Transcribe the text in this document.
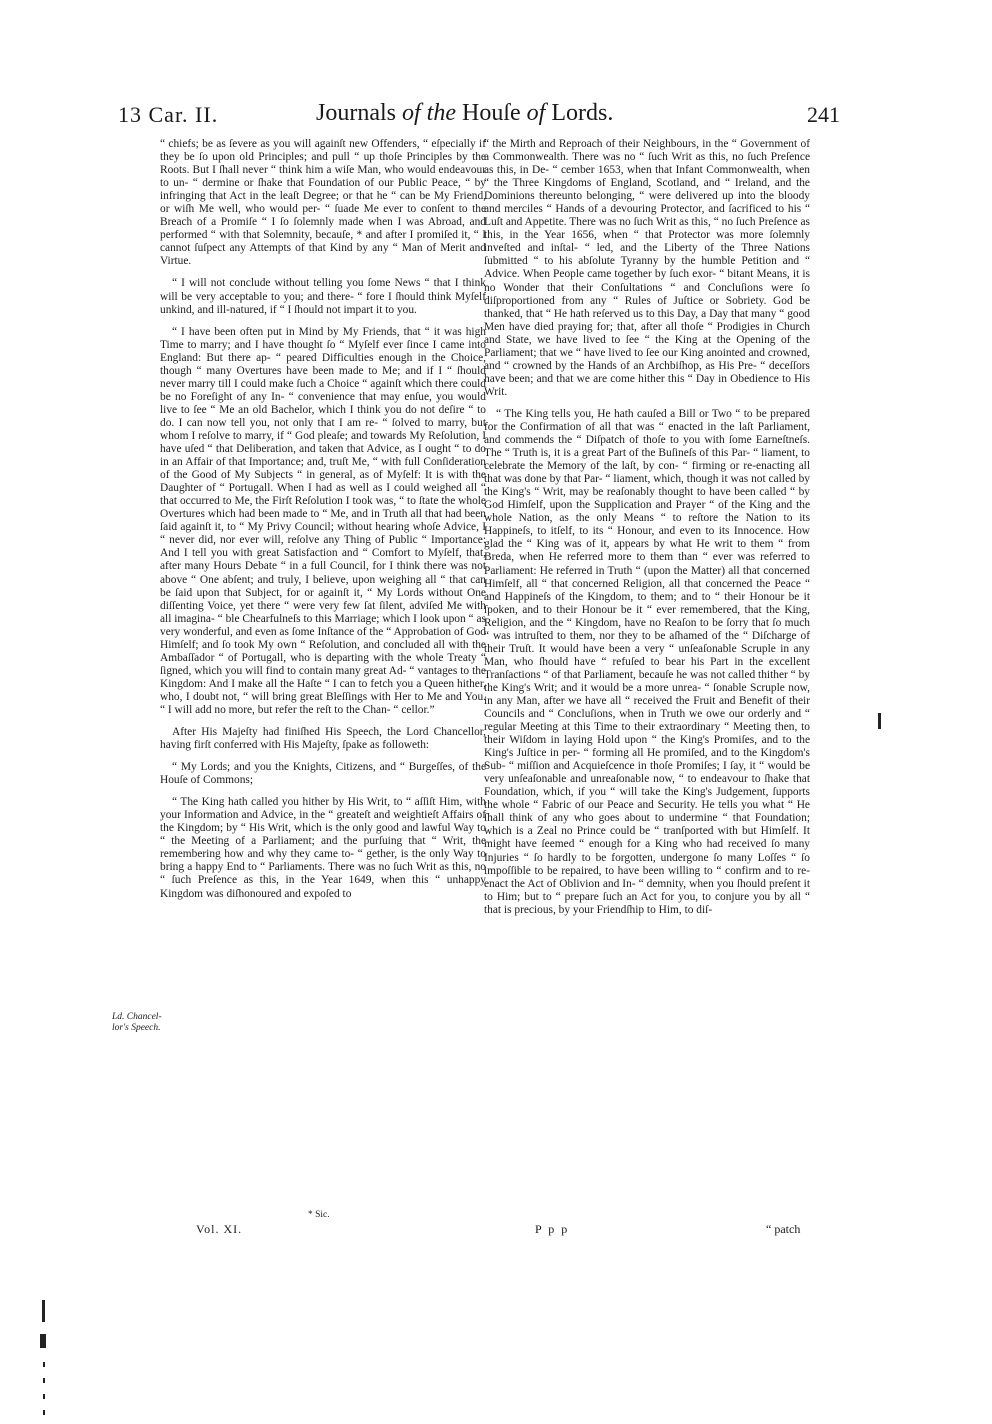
13 Car. II.	Journals of the Houſe of Lords.	241

“ chiefs; be as ſevere as you will againſt new Offenders, “ eſpecially if they be ſo upon old Principles; and pull “ up thoſe Principles by the Roots. But I ſhall never “ think him a wiſe Man, who would endeavour to un- “ dermine or ſhake that Foundation of our Public Peace, “ by infringing that Act in the leaſt Degree; or that he “ can be My Friend, or wiſh Me well, who would per- “ ſuade Me ever to conſent to the Breach of a Promiſe “ I ſo ſolemnly made when I was Abroad, and performed “ with that Solemnity, becauſe, * and after I promiſed it, “ I cannot ſuſpect any Attempts of that Kind by any “ Man of Merit and Virtue.

“ I will not conclude without telling you ſome News “ that I think will be very acceptable to you; and there- “ fore I ſhould think Myſelf unkind, and ill-natured, if “ I ſhould not impart it to you.

“ I have been often put in Mind by My Friends, that “ it was high Time to marry; and I have thought ſo “ Myſelf ever ſince I came into England: But there ap- “ peared Difficulties enough in the Choice, though “ many Overtures have been made to Me; and if I “ ſhould never marry till I could make ſuch a Choice “ againſt which there could be no Foreſight of any In- “ convenience that may enſue, you would live to ſee “ Me an old Bachelor, which I think you do not deſire “ to do. I can now tell you, not only that I am re- “ ſolved to marry, but whom I reſolve to marry, if “ God pleaſe; and towards My Reſolution, I have uſed “ that Deliberation, and taken that Advice, as I ought “ to do in an Affair of that Importance; and, truſt Me, “ with full Conſideration of the Good of My Subjects “ in general, as of Myſelf: It is with the Daughter of “ Portugall. When I had as well as I could weighed all “ that occurred to Me, the Firſt Reſolution I took was, “ to ſtate the whole Overtures which had been made to “ Me, and in Truth all that had been ſaid againſt it, to “ My Privy Council; without hearing whoſe Advice, I “ never did, nor ever will, reſolve any Thing of Public “ Importance: And I tell you with great Satisfaction and “ Comfort to Myſelf, that, after many Hours Debate “ in a full Council, for I think there was not above “ One abſent; and truly, I believe, upon weighing all “ that can be ſaid upon that Subject, for or againſt it, “ My Lords without One diſſenting Voice, yet there “ were very few ſat ſilent, adviſed Me with all imagina- “ ble Chearfulneſs to this Marriage; which I look upon “ as very wonderful, and even as ſome Inſtance of the “ Approbation of God Himſelf; and ſo took My own “ Reſolution, and concluded all with the Ambaſſador “ of Portugall, who is departing with the whole Treaty “ ſigned, which you will find to contain many great Ad- “ vantages to the Kingdom: And I make all the Haſte “ I can to fetch you a Queen hither, who, I doubt not, “ will bring great Bleſſings with Her to Me and You. “ I will add no more, but refer the reſt to the Chan- “ cellor.”

After His Majeſty had finiſhed His Speech, the Lord Chancellor, having firſt conferred with His Majeſty, ſpake as followeth:

“ My Lords; and you the Knights, Citizens, and “ Burgeſſes, of the Houſe of Commons;

“ The King hath called you hither by His Writ, to “ aſſiſt Him, with your Information and Advice, in the “ greateſt and weightieſt Affairs of the Kingdom; by “ His Writ, which is the only good and lawful Way to “ the Meeting of a Parliament; and the purſuing that “ Writ, the remembering how and why they came to- “ gether, is the only Way to bring a happy End to “ Parliaments. There was no ſuch Writ as this, no “ ſuch Preſence as this, in the Year 1649, when this “ unhappy Kingdom was diſhonoured and expoſed to

Ld. Chancel- lor's Speech.

“ the Mirth and Reproach of their Neighbours, in the “ Government of a Commonwealth. There was no “ ſuch Writ as this, no ſuch Preſence as this, in De- “ cember 1653, when that Infant Commonwealth, when “ the Three Kingdoms of England, Scotland, and “ Ireland, and the Dominions thereunto belonging, “ were delivered up into the bloody and merciles “ Hands of a devouring Protector, and ſacrificed to his “ Luſt and Appetite. There was no ſuch Writ as this, “ no ſuch Preſence as this, in the Year 1656, when “ that Protector was more ſolemnly inveſted and inſtal- “ led, and the Liberty of the Three Nations ſubmitted “ to his abſolute Tyranny by the humble Petition and “ Advice. When People came together by ſuch exor- “ bitant Means, it is no Wonder that their Conſultations “ and Concluſions were ſo diſproportioned from any “ Rules of Juſtice or Sobriety. God be thanked, that “ He hath reſerved us to this Day, a Day that many “ good Men have died praying for; that, after all thoſe “ Prodigies in Church and State, we have lived to ſee “ the King at the Opening of the Parliament; that we “ have lived to ſee our King anointed and crowned, and “ crowned by the Hands of an Archbiſhop, as His Pre- “ deceſſors have been; and that we are come hither this “ Day in Obedience to His Writ.

“ The King tells you, He hath cauſed a Bill or Two “ to be prepared for the Confirmation of all that was “ enacted in the laſt Parliament, and commends the “ Diſpatch of thoſe to you with ſome Earneſtneſs. The “ Truth is, it is a great Part of the Buſineſs of this Par- “ liament, to celebrate the Memory of the laſt, by con- “ firming or re-enacting all that was done by that Par- “ liament, which, though it was not called by the King's “ Writ, may be reaſonably thought to have been called “ by God Himſelf, upon the Supplication and Prayer “ of the King and the whole Nation, as the only Means “ to reſtore the Nation to its Happineſs, to itſelf, to its “ Honour, and even to its Innocence. How glad the “ King was of it, appears by what He writ to them “ from Breda, when He referred more to them than “ ever was referred to Parliament: He referred in Truth “ (upon the Matter) all that concerned Himſelf, all “ that concerned Religion, all that concerned the Peace “ and Happineſs of the Kingdom, to them; and to “ their Honour be it ſpoken, and to their Honour be it “ ever remembered, that the King, Religion, and the “ Kingdom, have no Reaſon to be ſorry that ſo much “ was intruſted to them, nor they to be aſhamed of the “ Diſcharge of their Truſt. It would have been a very “ unſeaſonable Scruple in any Man, who ſhould have “ refuſed to bear his Part in the excellent Tranſactions “ of that Parliament, becauſe he was not called thither “ by the King's Writ; and it would be a more unrea- “ ſonable Scruple now, in any Man, after we have all “ received the Fruit and Benefit of their Councils and “ Concluſions, when in Truth we owe our orderly and “ regular Meeting at this Time to their extraordinary “ Meeting then, to their Wiſdom in laying Hold upon “ the King's Promiſes, and to the King's Juſtice in per- “ forming all He promiſed, and to the Kingdom's Sub- “ miſſion and Acquieſcence in thoſe Promiſes; I ſay, it “ would be very unſeaſonable and unreaſonable now, “ to endeavour to ſhake that Foundation, which, if you “ will take the King's Judgement, ſupports the whole “ Fabric of our Peace and Security. He tells you what “ He ſhall think of any who goes about to undermine “ that Foundation; which is a Zeal no Prince could be “ tranſported with but Himſelf. It might have ſeemed “ enough for a King who had received ſo many Injuries “ ſo hardly to be forgotten, undergone ſo many Loſſes “ ſo impoſſible to be repaired, to have been willing to “ confirm and to re-enact the Act of Oblivion and In- “ demnity, when you ſhould preſent it to Him; but to “ prepare ſuch an Act for you, to conjure you by all “ that is precious, by your Friendſhip to Him, to diſ-

* Sic.
Vol. XI.	P p p	“ patch
